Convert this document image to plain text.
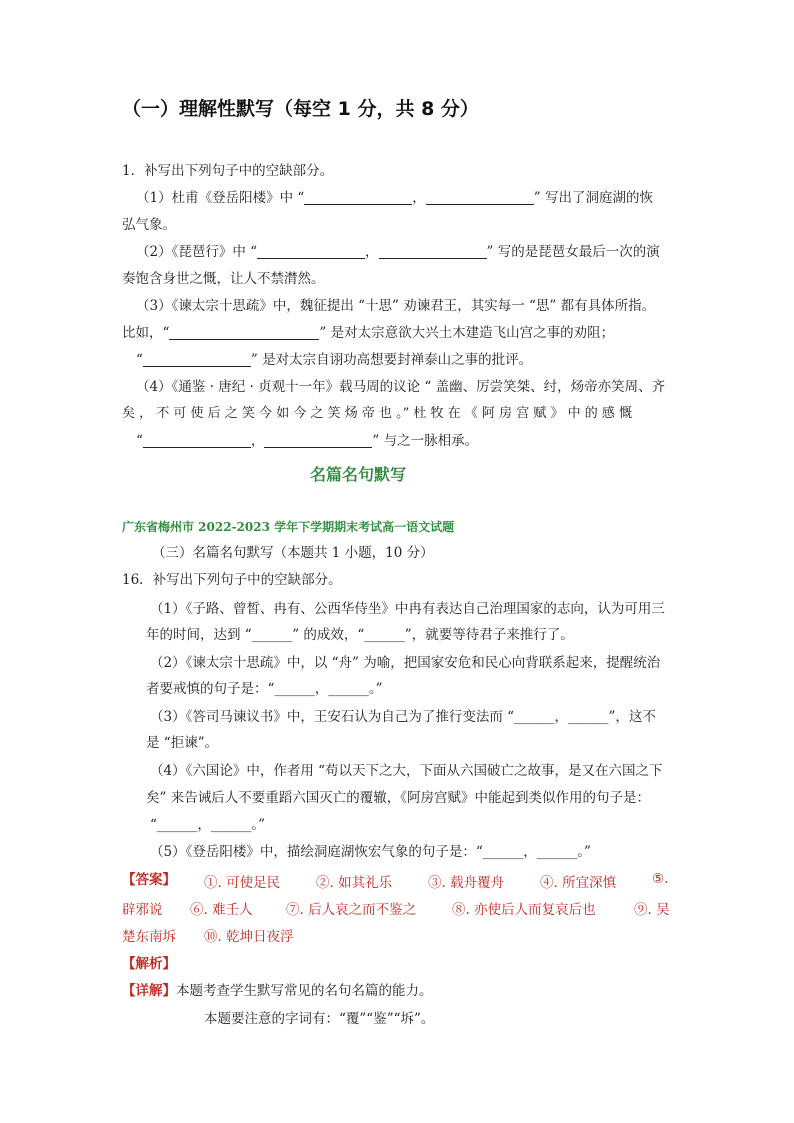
（一）理解性默写（每空 1 分，共 8 分）
1．补写出下列句子中的空缺部分。
（1）杜甫《登岳阳楼》中 “	，	” 写出了洞庭湖的恢
弘气象。
（2）《琵琶行》中 “	，	” 写的是琵琶女最后一次的演
奏饱含身世之慨，让人不禁潸然。
（3）《谏太宗十思疏》中，魏征提出 “十思” 劝谏君王，其实每一 “思” 都有具体所指。
比如，“	” 是对太宗意欲大兴土木建造飞山宫之事的劝阻；
“	” 是对太宗自诩功高想要封禅泰山之事的批评。
（4）《通鉴 · 唐纪 · 贞观十一年》载马周的议论 “ 盖幽、厉尝笑桀、纣，炀帝亦笑周、齐
矣 ， 不 可 使 后 之 笑 今 如 今 之 笑 炀 帝 也 。” 杜 牧 在 《 阿 房 宫 赋 》 中 的 感 慨
“	，	” 与之一脉相承。
名篇名句默写
广东省梅州市 2022-2023 学年下学期期末考试高一语文试题
（三）名篇名句默写（本题共 1 小题，10 分）
16．补写出下列句子中的空缺部分。
（1）《子路、曾皙、冉有、公西华侍坐》中冉有表达自己治理国家的志向，认为可用三
年的时间，达到 “______” 的成效，“______”，就要等待君子来推行了。
（2）《谏太宗十思疏》中，以 “舟” 为喻，把国家安危和民心向背联系起来，提醒统治
者要戒慎的句子是：“______，______。”
（3）《答司马谏议书》中，王安石认为自己为了推行变法而 “______，______”，这不
是 “拒谏”。
（4）《六国论》中，作者用 “苟以天下之大，下面从六国破亡之故事，是又在六国之下
矣” 来告诫后人不要重蹈六国灭亡的覆辙，《阿房宫赋》中能起到类似作用的句子是：
“______，______。”
（5）《登岳阳楼》中，描绘洞庭湖恢宏气象的句子是：“______，______。”
【答案】 ①. 可使足民	②. 如其礼乐	③. 载舟覆舟	④. 所宜深慎	⑤.
辟邪说 ⑥. 难壬人 ⑦. 后人哀之而不鉴之	⑧. 亦使后人而复哀后也	⑨. 吴
楚东南坼 ⑩. 乾坤日夜浮
【解析】
【详解】本题考查学生默写常见的名句名篇的能力。
本题要注意的字词有：“覆”“鉴”“坼”。
